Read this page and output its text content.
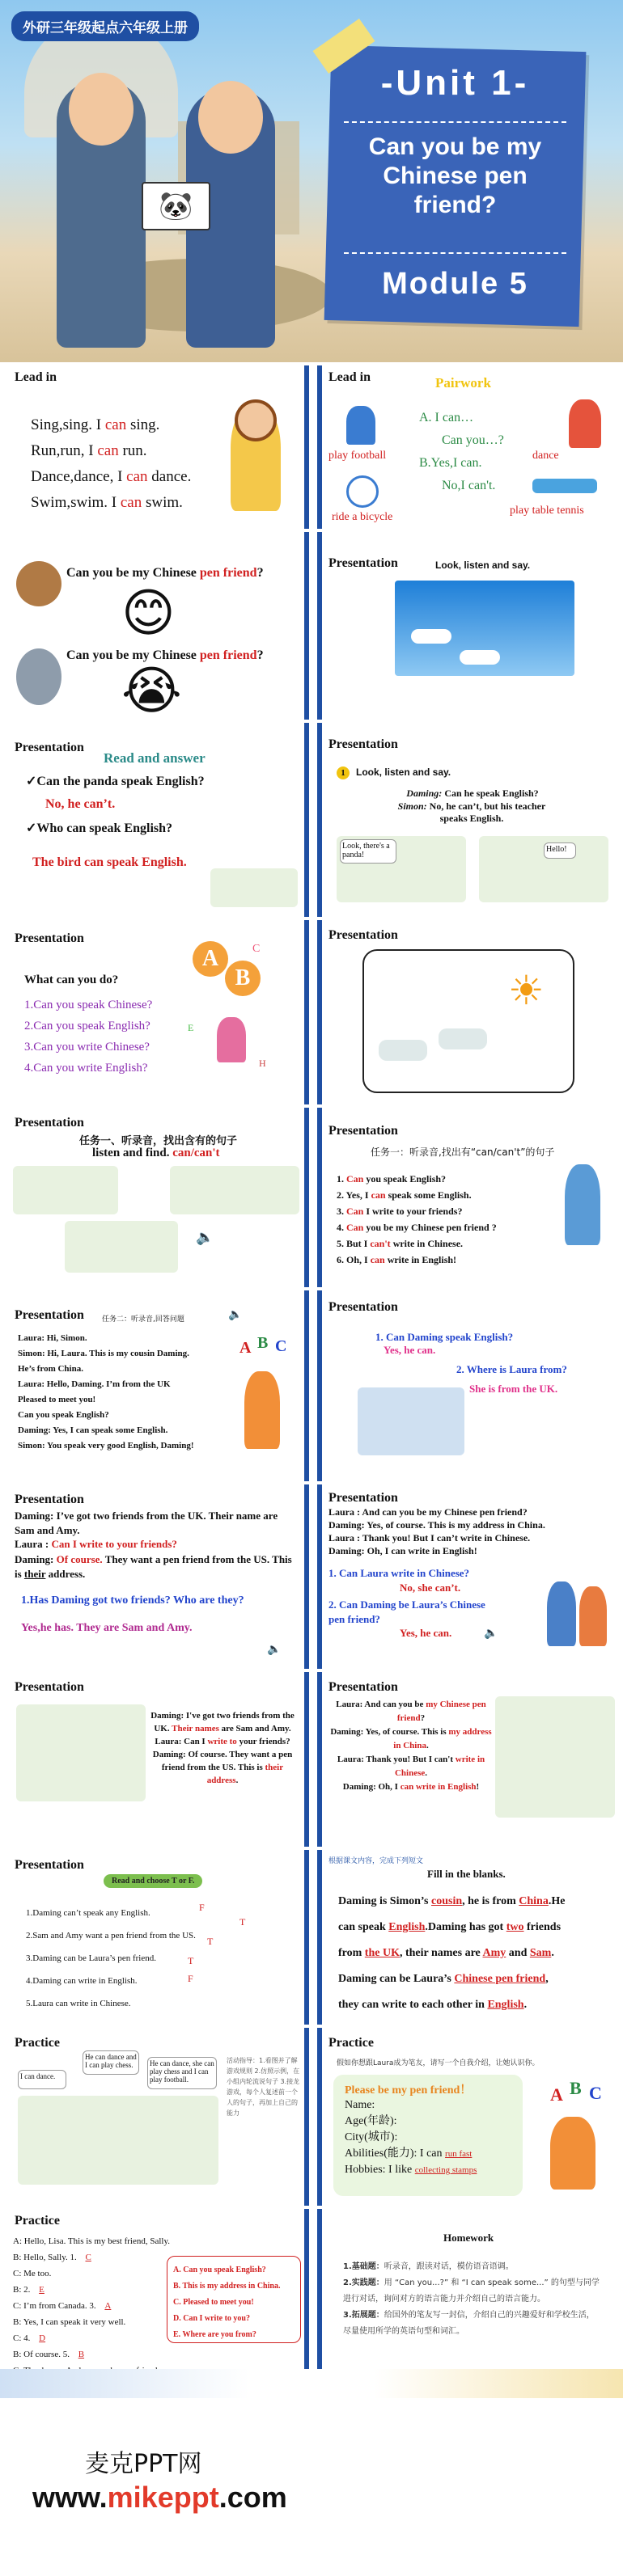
🐼
外研三年级起点六年级上册
-Unit 1-
Can you be my
Chinese pen
friend?
Module 5
Lead in
Sing,sing. I can sing.
Run,run, I can run.
Dance,dance, I can dance.
Swim,swim. I can swim.
Lead in	Pairwork
A. I can…
Can you…?
B.Yes,I can.
No,I can't.
play football	dance
ride a bicycle
play table tennis
Can you be my Chinese pen friend?
😊
Can you be my Chinese pen friend?
😭
Presentation	Look, listen and say.
Presentation
Read and answer
✓Can the panda speak English?
No, he can’t.
✓Who can speak English?
The bird can speak English.
Presentation
1	Look, listen and say.
Daming: Can he speak English?
Simon: No, he can’t, but his teacher speaks English.
Look, there's a panda!
Hello!
Presentation
What can you do?
1.Can you speak Chinese?
2.Can you speak English?
3.Can you write Chinese?
4.Can you write English?
A
B
C
E
H
Presentation
☀
Presentation
任务一、听录音，找出含有的句子
listen and find. can/can't
🔈
Presentation
任务一：听录音,找出有“can/can't”的句子
1. Can you speak English?
2. Yes, I can speak some English.
3. Can I write to your friends?
4. Can you be my Chinese pen friend ?
5. But I can't write in Chinese.
6. Oh, I can write in English!
Presentation 任务二：听录音,回答问题	🔈
Laura: Hi, Simon.
Simon: Hi, Laura. This is my cousin Daming.
He’s from China.
Laura: Hello, Daming. I’m from the UK
Pleased to meet you!
Can you speak English?
Daming: Yes, I can speak some English.
Simon: You speak very good English, Daming!
A B C
Presentation
1. Can Daming speak English?
Yes, he can.
2. Where is Laura from?
She is from the UK.
Presentation
Daming: I’ve got two friends from the UK. Their name are Sam and Amy.
Laura : Can I write to your friends?
Daming: Of course. They want a pen friend from the US. This is their address.
1.Has Daming got two friends? Who are they?
Yes,he has. They are Sam and Amy.
🔈
Presentation
Laura : And can you be my Chinese pen friend?
Daming: Yes, of course. This is my address in China.
Laura : Thank you! But I can’t write in Chinese.
Daming: Oh, I can write in English!
1. Can Laura write in Chinese?
No, she can’t.
2. Can Daming be Laura’s Chinese pen friend?
Yes, he can.	🔈
Presentation
Daming: I've got two friends from the UK. Their names are Sam and Amy.
Laura: Can I write to your friends?
Daming: Of course. They want a pen friend from the US. This is their address.
Presentation
Laura: And can you be my Chinese pen friend?
Daming: Yes, of course. This is my address in China.
Laura: Thank you! But I can't write in Chinese.
Daming: Oh, I can write in English!
Presentation
Read and choose T or F.
1.Daming can’t speak any English.
2.Sam and Amy want a pen friend from the US.
3.Daming can be Laura’s pen friend.
4.Daming can write in English.
5.Laura can write in Chinese.
F
T
T
T
F
根据课文内容，完成下列短文
Fill in the blanks.
Daming is Simon’s cousin, he is from China.He
can speak English.Daming has got two friends
from the UK, their names are Amy and Sam.
Daming can be Laura’s Chinese pen friend,
they can write to each other in English.
Practice
I can dance.
He can dance and I can play chess.	He can dance, she can play chess and I can play football.
活动指导：1.看图并了解游戏规则 2.仿照示例，在小组内轮流说句子 3.接龙游戏，每个人复述前一个人的句子，再加上自己的能力
Practice
假如你想跟Laura成为笔友，请写一个自我介绍，让她认识你。
Please be my pen friend！
Name:
Age(年龄):
City(城市):
Abilities(能力): I can run fast
Hobbies: I like collecting stamps
A B C
Practice
A: Hello, Lisa. This is my best friend, Sally.
B: Hello, Sally. 1. C
C: Me too.
B: 2. E
C: I’m from Canada. 3. A
B: Yes, I can speak it very well.
C: 4. D
B: Of course. 5. B
A. Can you speak English?
B. This is my address in China.
C. Pleased to meet you!
D. Can I write to you?
E. Where are you from?
Homework
1.基础题：听录音，跟读对话，模仿语音语调。
2.实践题：用 “Can you...?” 和 “I can speak some...” 的句型与同学进行对话，询问对方的语言能力并介绍自己的语言能力。
3.拓展题：给国外的笔友写一封信，介绍自己的兴趣爱好和学校生活，尽量使用所学的英语句型和词汇。
麦克PPT网
www.mikeppt.com
